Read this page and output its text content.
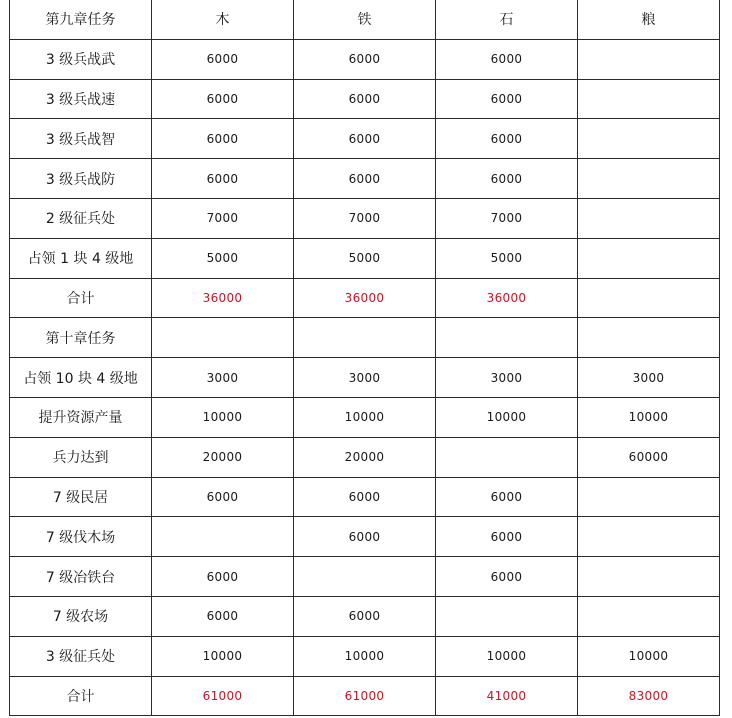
第九章任务	木	铁	石	粮
3 级兵战武	6000	6000	6000	
3 级兵战速	6000	6000	6000	
3 级兵战智	6000	6000	6000	
3 级兵战防	6000	6000	6000	
2 级征兵处	7000	7000	7000	
占领 1 块 4 级地	5000	5000	5000	
合计	36000	36000	36000	
第十章任务				
占领 10 块 4 级地	3000	3000	3000	3000
提升资源产量	10000	10000	10000	10000
兵力达到	20000	20000		60000
7 级民居	6000	6000	6000	
7 级伐木场		6000	6000	
7 级冶铁台	6000		6000	
7 级农场	6000	6000		
3 级征兵处	10000	10000	10000	10000
合计	61000	61000	41000	83000
